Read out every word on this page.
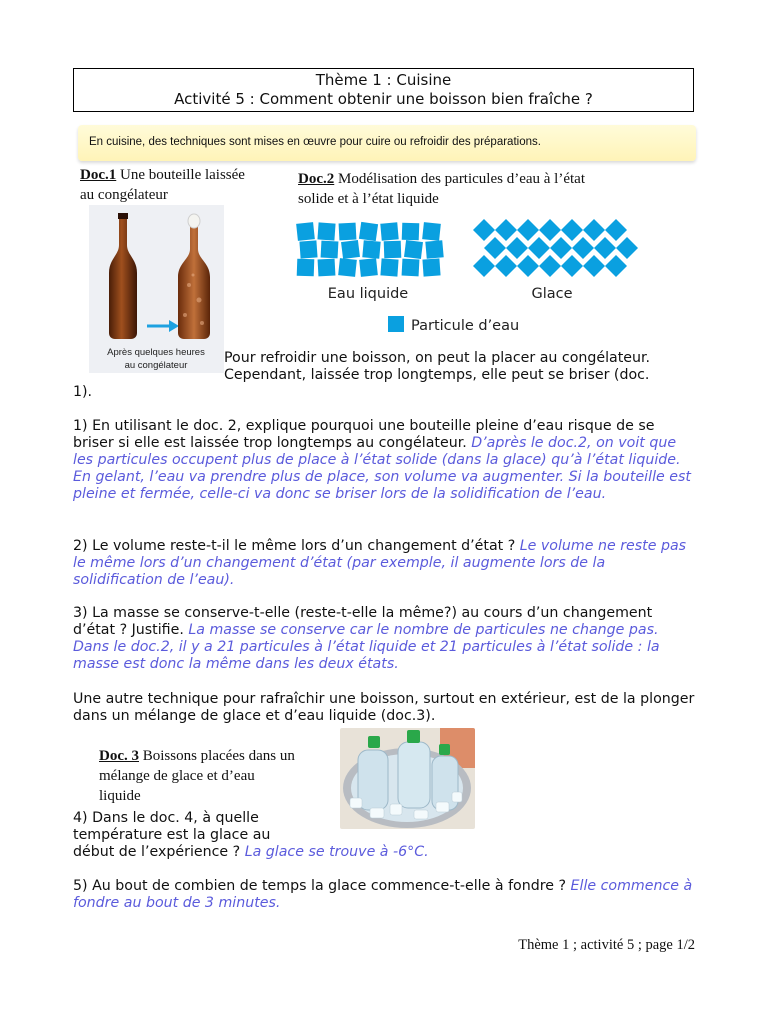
Thème 1 : Cuisine
Activité 5 : Comment obtenir une boisson bien fraîche ?
En cuisine, des techniques sont mises en œuvre pour cuire ou refroidir des préparations.
Doc.1 Une bouteille laissée au congélateur
Après quelques heures
au congélateur
Doc.2 Modélisation des particules d’eau à l’état solide et à l’état liquide
Eau liquide	Glace
Particule d’eau
Pour refroidir une boisson, on peut la placer au congélateur. Cependant, laissée trop longtemps, elle peut se briser (doc.
1).
1) En utilisant le doc. 2, explique pourquoi une bouteille pleine d’eau risque de se briser si elle est laissée trop longtemps au congélateur. D’après le doc.2, on voit que les particules occupent plus de place à l’état solide (dans la glace) qu’à l’état liquide. En gelant, l’eau va prendre plus de place, son volume va augmenter. Si la bouteille est pleine et fermée, celle-ci va donc se briser lors de la solidification de l’eau.
2) Le volume reste-t-il le même lors d’un changement d’état ? Le volume ne reste pas le même lors d’un changement d’état (par exemple, il augmente lors de la solidification de l’eau).
3) La masse se conserve-t-elle (reste-t-elle la même?) au cours d’un changement d’état ? Justifie. La masse se conserve car le nombre de particules ne change pas. Dans le doc.2, il y a 21 particules à l’état liquide et 21 particules à l’état solide : la masse est donc la même dans les deux états.
Une autre technique pour rafraîchir une boisson, surtout en extérieur, est de la plonger dans un mélange de glace et d’eau liquide (doc.3).
Doc. 3 Boissons placées dans un mélange de glace et d’eau liquide
4) Dans le doc. 4, à quelle température est la glace au
début de l’expérience ? La glace se trouve à -6°C.
5) Au bout de combien de temps la glace commence-t-elle à fondre ? Elle commence à fondre au bout de 3 minutes.
Thème 1 ; activité 5 ; page 1/2
